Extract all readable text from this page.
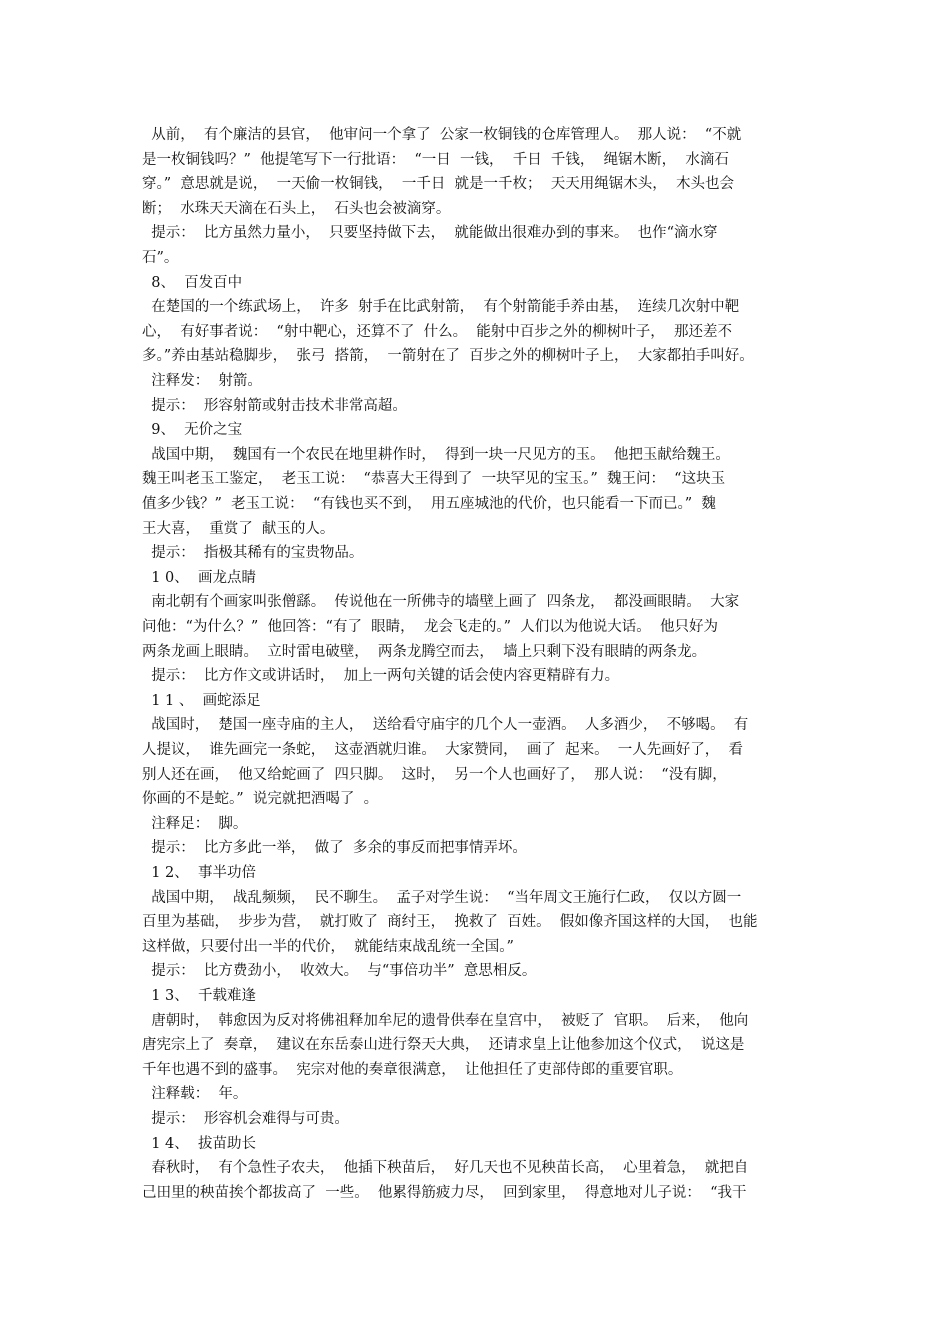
从前，  有个廉洁的县官，  他审问一个拿了  公家一枚铜钱的仓库管理人。  那人说：  “不就
是一枚铜钱吗？”  他提笔写下一行批语：  “一日  一钱，  千日  千钱，  绳锯木断，  水滴石
穿。”  意思就是说，  一天偷一枚铜钱，  一千日  就是一千枚；  天天用绳锯木头，  木头也会
断；  水珠天天滴在石头上，  石头也会被滴穿。
提示：  比方虽然力量小，  只要坚持做下去，  就能做出很难办到的事来。  也作“滴水穿
石”。
8、  百发百中
在楚国的一个练武场上，  许多  射手在比武射箭，  有个射箭能手养由基，  连续几次射中靶
心，  有好事者说：  “射中靶心，还算不了  什么。  能射中百步之外的柳树叶子，  那还差不
多。”养由基站稳脚步，  张弓  搭箭，  一箭射在了  百步之外的柳树叶子上，  大家都拍手叫好。
注释发：  射箭。
提示：  形容射箭或射击技术非常高超。
9、  无价之宝
战国中期，  魏国有一个农民在地里耕作时，  得到一块一尺见方的玉。  他把玉献给魏王。
魏王叫老玉工鉴定，  老玉工说：  “恭喜大王得到了  一块罕见的宝玉。”  魏王问：  “这块玉
值多少钱？”  老玉工说：  “有钱也买不到，  用五座城池的代价，也只能看一下而已。”  魏
王大喜，  重赏了  献玉的人。
提示：  指极其稀有的宝贵物品。
1 0、  画龙点睛
南北朝有个画家叫张僧繇。  传说他在一所佛寺的墙壁上画了  四条龙，  都没画眼睛。  大家
问他：“为什么？”  他回答：“有了  眼睛，  龙会飞走的。”  人们以为他说大话。  他只好为
两条龙画上眼睛。  立时雷电破壁，  两条龙腾空而去，  墙上只剩下没有眼睛的两条龙。
提示：  比方作文或讲话时，  加上一两句关键的话会使内容更精辟有力。
1 1 、  画蛇添足
战国时，  楚国一座寺庙的主人，  送给看守庙宇的几个人一壶酒。  人多酒少，  不够喝。  有
人提议，  谁先画完一条蛇，  这壶酒就归谁。  大家赞同，  画了  起来。  一人先画好了，  看
别人还在画，  他又给蛇画了  四只脚。  这时，  另一个人也画好了，  那人说：  “没有脚，
你画的不是蛇。”  说完就把酒喝了  。
注释足：  脚。
提示：  比方多此一举，  做了  多余的事反而把事情弄坏。
1 2、  事半功倍
战国中期，  战乱频频，  民不聊生。  孟子对学生说：  “当年周文王施行仁政，  仅以方圆一
百里为基础，  步步为营，  就打败了  商纣王，  挽救了  百姓。  假如像齐国这样的大国，  也能
这样做，只要付出一半的代价，  就能结束战乱统一全国。”
提示：  比方费劲小，  收效大。  与“事倍功半”  意思相反。
1 3、  千载难逢
唐朝时，  韩愈因为反对将佛祖释加牟尼的遗骨供奉在皇宫中，  被贬了  官职。  后来，  他向
唐宪宗上了  奏章，  建议在东岳泰山进行祭天大典，  还请求皇上让他参加这个仪式，  说这是
千年也遇不到的盛事。  宪宗对他的奏章很满意，  让他担任了吏部侍郎的重要官职。
注释载：  年。
提示：  形容机会难得与可贵。
1 4、  拔苗助长
春秋时，  有个急性子农夫，  他插下秧苗后，  好几天也不见秧苗长高，  心里着急，  就把自
己田里的秧苗挨个都拔高了  一些。  他累得筋疲力尽，  回到家里，  得意地对儿子说：  “我干
